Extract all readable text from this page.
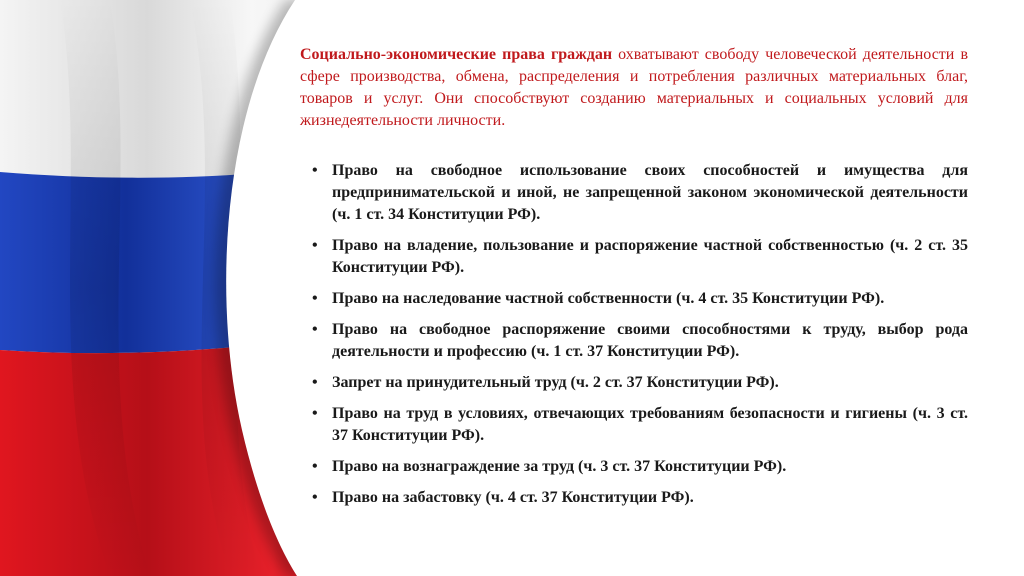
Социально-экономические права граждан охватывают свободу человеческой деятельности в сфере производства, обмена, распределения и потребления различных материальных благ, товаров и услуг. Они способствуют созданию материальных и социальных условий для жизнедеятельности личности.

• Право на свободное использование своих способностей и имущества для предпринимательской и иной, не запрещенной законом экономической деятельности (ч. 1 ст. 34 Конституции РФ).
• Право на владение, пользование и распоряжение частной собственностью (ч. 2 ст. 35 Конституции РФ).
• Право на наследование частной собственности (ч. 4 ст. 35 Конституции РФ).
• Право на свободное распоряжение своими способностями к труду, выбор рода деятельности и профессию (ч. 1 ст. 37 Конституции РФ).
• Запрет на принудительный труд (ч. 2 ст. 37 Конституции РФ).
• Право на труд в условиях, отвечающих требованиям безопасности и гигиены (ч. 3 ст. 37 Конституции РФ).
• Право на вознаграждение за труд (ч. 3 ст. 37 Конституции РФ).
• Право на забастовку (ч. 4 ст. 37 Конституции РФ).
